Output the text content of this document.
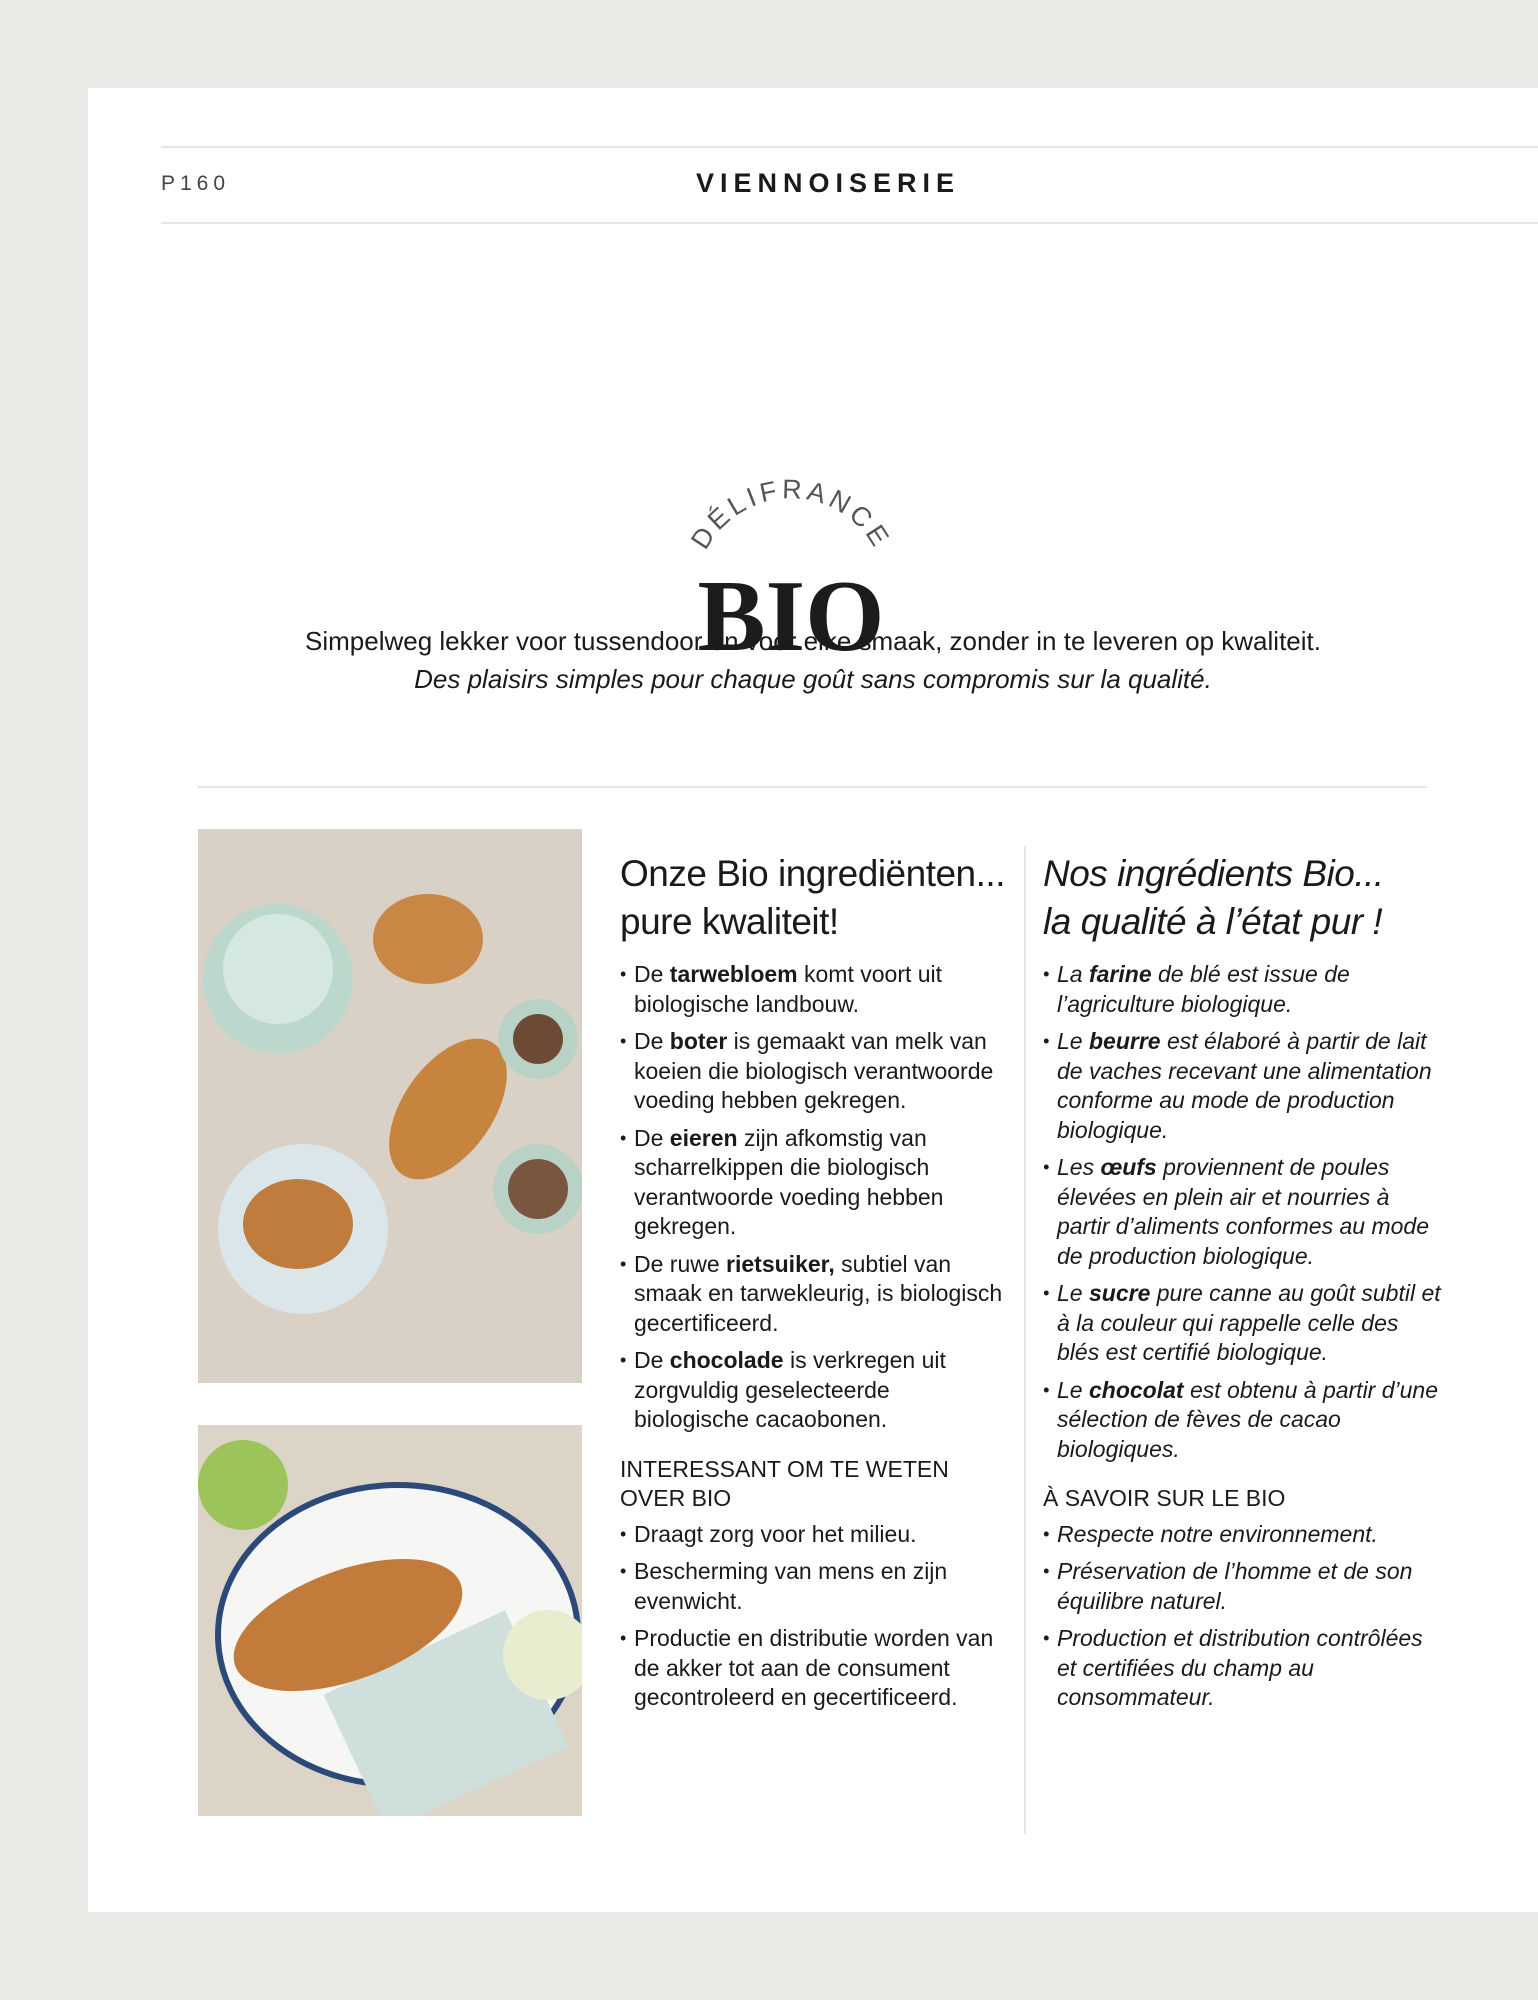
P160	VIENNOISERIE
DÉLIFRANCE
BIO
Simpelweg lekker voor tussendoor en voor elke smaak, zonder in te leveren op kwaliteit.
Des plaisirs simples pour chaque goût sans compromis sur la qualité.
Onze Bio ingrediënten...
pure kwaliteit!
• De tarwebloem komt voort uit biologische landbouw.
• De boter is gemaakt van melk van koeien die biologisch verantwoorde voeding hebben gekregen.
• De eieren zijn afkomstig van scharrelkippen die biologisch verantwoorde voeding hebben gekregen.
• De ruwe rietsuiker, subtiel van smaak en tarwekleurig, is biologisch gecertificeerd.
• De chocolade is verkregen uit zorgvuldig geselecteerde biologische cacaobonen.
INTERESSANT OM TE WETEN OVER BIO
• Draagt zorg voor het milieu.
• Bescherming van mens en zijn evenwicht.
• Productie en distributie worden van de akker tot aan de consument gecontroleerd en gecertificeerd.
Nos ingrédients Bio...
la qualité à l’état pur !
• La farine de blé est issue de l’agriculture biologique.
• Le beurre est élaboré à partir de lait de vaches recevant une alimentation conforme au mode de production biologique.
• Les œufs proviennent de poules élevées en plein air et nourries à partir d’aliments conformes au mode de production biologique.
• Le sucre pure canne au goût subtil et à la couleur qui rappelle celle des blés est certifié biologique.
• Le chocolat est obtenu à partir d’une sélection de fèves de cacao biologiques.
À SAVOIR SUR LE BIO
• Respecte notre environnement.
• Préservation de l’homme et de son équilibre naturel.
• Production et distribution contrôlées et certifiées du champ au consommateur.
